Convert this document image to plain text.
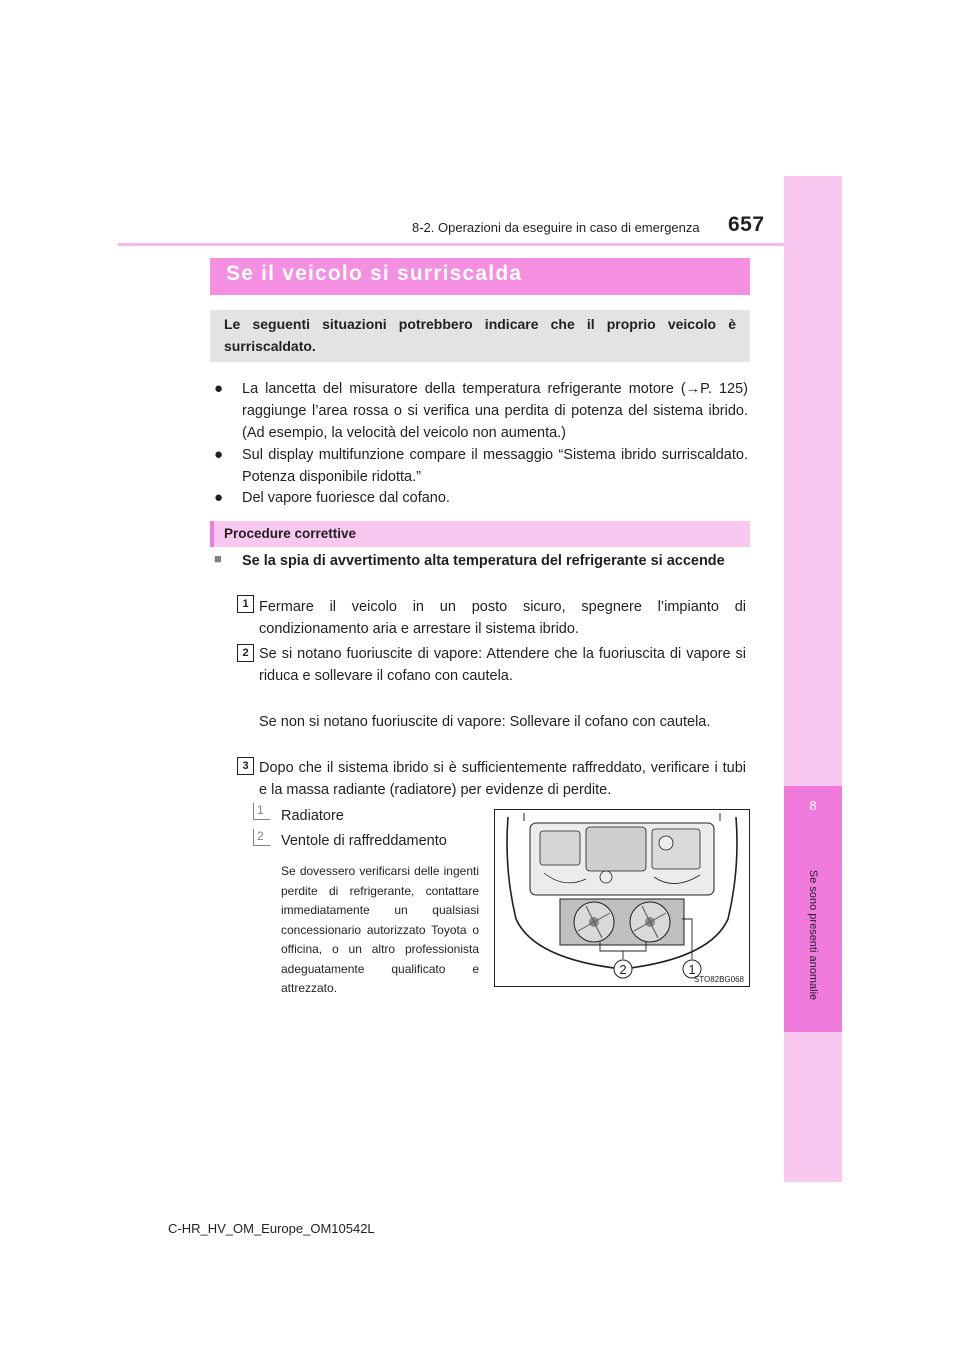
8-2. Operazioni da eseguire in caso di emergenza 657
8
Se sono presenti anomalie
Se il veicolo si surriscalda
Le seguenti situazioni potrebbero indicare che il proprio veicolo è surriscaldato.
● La lancetta del misuratore della temperatura refrigerante motore (→P. 125) raggiunge l’area rossa o si verifica una perdita di potenza del sistema ibrido. (Ad esempio, la velocità del veicolo non aumenta.)
● Sul display multifunzione compare il messaggio “Sistema ibrido surriscaldato. Potenza disponibile ridotta.”
● Del vapore fuoriesce dal cofano.
Procedure correttive
■ Se la spia di avvertimento alta temperatura del refrigerante si accende
1 Fermare il veicolo in un posto sicuro, spegnere l’impianto di condizionamento aria e arrestare il sistema ibrido.
2 Se si notano fuoriuscite di vapore: Attendere che la fuoriuscita di vapore si riduca e sollevare il cofano con cautela.
Se non si notano fuoriuscite di vapore: Sollevare il cofano con cautela.
3 Dopo che il sistema ibrido si è sufficientemente raffreddato, verificare i tubi e la massa radiante (radiatore) per evidenze di perdite.
1	Radiatore
2	Ventole di raffreddamento
Se dovessero verificarsi delle ingenti perdite di refrigerante, contattare immediatamente un qualsiasi concessionario autorizzato Toyota o officina, o un altro professionista adeguatamente qualificato e attrezzato.
2	1
STO82BG068
C-HR_HV_OM_Europe_OM10542L
